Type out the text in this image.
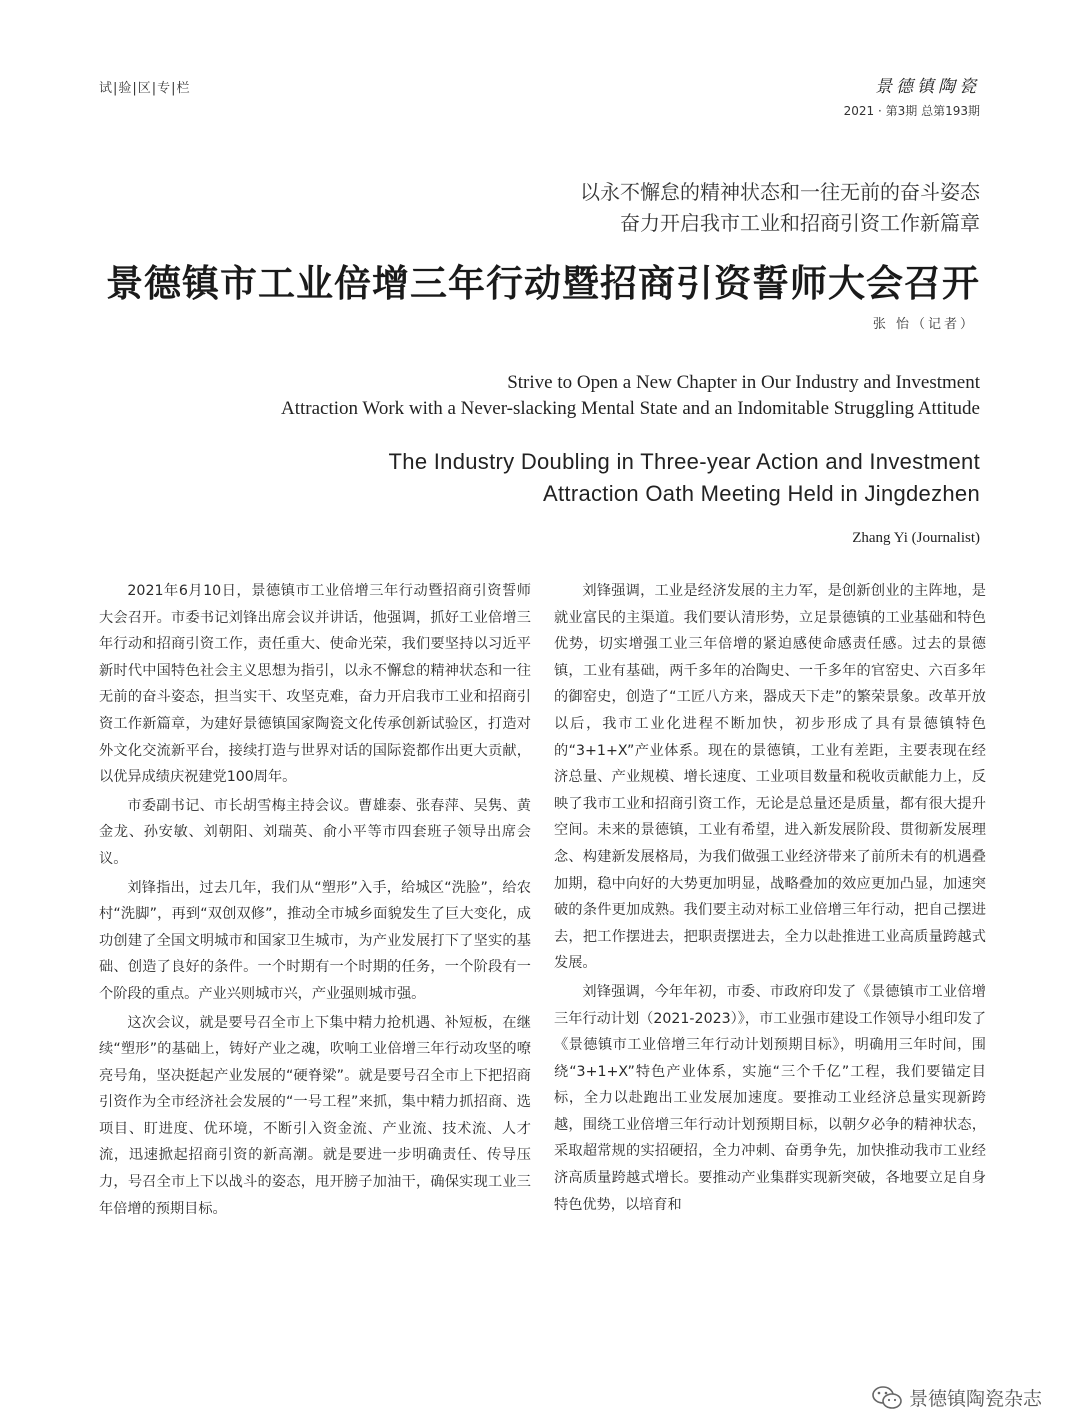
试|验|区|专|栏	景德镇陶瓷
2021 · 第3期 总第193期
以永不懈怠的精神状态和一往无前的奋斗姿态
奋力开启我市工业和招商引资工作新篇章
景德镇市工业倍增三年行动暨招商引资誓师大会召开
张 怡（记者）
Strive to Open a New Chapter in Our Industry and Investment
Attraction Work with a Never-slacking Mental State and an Indomitable Struggling Attitude
The Industry Doubling in Three-year Action and Investment
Attraction Oath Meeting Held in Jingdezhen
Zhang Yi (Journalist)

2021年6月10日，景德镇市工业倍增三年行动暨招商引资誓师大会召开。市委书记刘锋出席会议并讲话，他强调，抓好工业倍增三年行动和招商引资工作，责任重大、使命光荣，我们要坚持以习近平新时代中国特色社会主义思想为指引，以永不懈怠的精神状态和一往无前的奋斗姿态，担当实干、攻坚克难，奋力开启我市工业和招商引资工作新篇章，为建好景德镇国家陶瓷文化传承创新试验区，打造对外文化交流新平台，接续打造与世界对话的国际瓷都作出更大贡献，以优异成绩庆祝建党100周年。

市委副书记、市长胡雪梅主持会议。曹雄泰、张春萍、吴隽、黄金龙、孙安敏、刘朝阳、刘瑞英、俞小平等市四套班子领导出席会议。

刘锋指出，过去几年，我们从“塑形”入手，给城区“洗脸”，给农村“洗脚”，再到“双创双修”，推动全市城乡面貌发生了巨大变化，成功创建了全国文明城市和国家卫生城市，为产业发展打下了坚实的基础、创造了良好的条件。一个时期有一个时期的任务，一个阶段有一个阶段的重点。产业兴则城市兴，产业强则城市强。

这次会议，就是要号召全市上下集中精力抢机遇、补短板，在继续“塑形”的基础上，铸好产业之魂，吹响工业倍增三年行动攻坚的嘹亮号角，坚决挺起产业发展的“硬脊梁”。就是要号召全市上下把招商引资作为全市经济社会发展的“一号工程”来抓，集中精力抓招商、选项目、盯进度、优环境，不断引入资金流、产业流、技术流、人才流，迅速掀起招商引资的新高潮。就是要进一步明确责任、传导压力，号召全市上下以战斗的姿态，甩开膀子加油干，确保实现工业三年倍增的预期目标。

刘锋强调，工业是经济发展的主力军，是创新创业的主阵地，是就业富民的主渠道。我们要认清形势，立足景德镇的工业基础和特色优势，切实增强工业三年倍增的紧迫感使命感责任感。过去的景德镇，工业有基础，两千多年的冶陶史、一千多年的官窑史、六百多年的御窑史，创造了“工匠八方来，器成天下走”的繁荣景象。改革开放以后，我市工业化进程不断加快，初步形成了具有景德镇特色的“3+1+X”产业体系。现在的景德镇，工业有差距，主要表现在经济总量、产业规模、增长速度、工业项目数量和税收贡献能力上，反映了我市工业和招商引资工作，无论是总量还是质量，都有很大提升空间。未来的景德镇，工业有希望，进入新发展阶段、贯彻新发展理念、构建新发展格局，为我们做强工业经济带来了前所未有的机遇叠加期，稳中向好的大势更加明显，战略叠加的效应更加凸显，加速突破的条件更加成熟。我们要主动对标工业倍增三年行动，把自己摆进去，把工作摆进去，把职责摆进去，全力以赴推进工业高质量跨越式发展。

刘锋强调，今年年初，市委、市政府印发了《景德镇市工业倍增三年行动计划（2021-2023）》，市工业强市建设工作领导小组印发了《景德镇市工业倍增三年行动计划预期目标》，明确用三年时间，围绕“3+1+X”特色产业体系，实施“三个千亿”工程，我们要锚定目标，全力以赴跑出工业发展加速度。要推动工业经济总量实现新跨越，围绕工业倍增三年行动计划预期目标，以朝夕必争的精神状态，采取超常规的实招硬招，全力冲刺、奋勇争先，加快推动我市工业经济高质量跨越式增长。要推动产业集群实现新突破，各地要立足自身特色优势，以培育和

景德镇陶瓷杂志
